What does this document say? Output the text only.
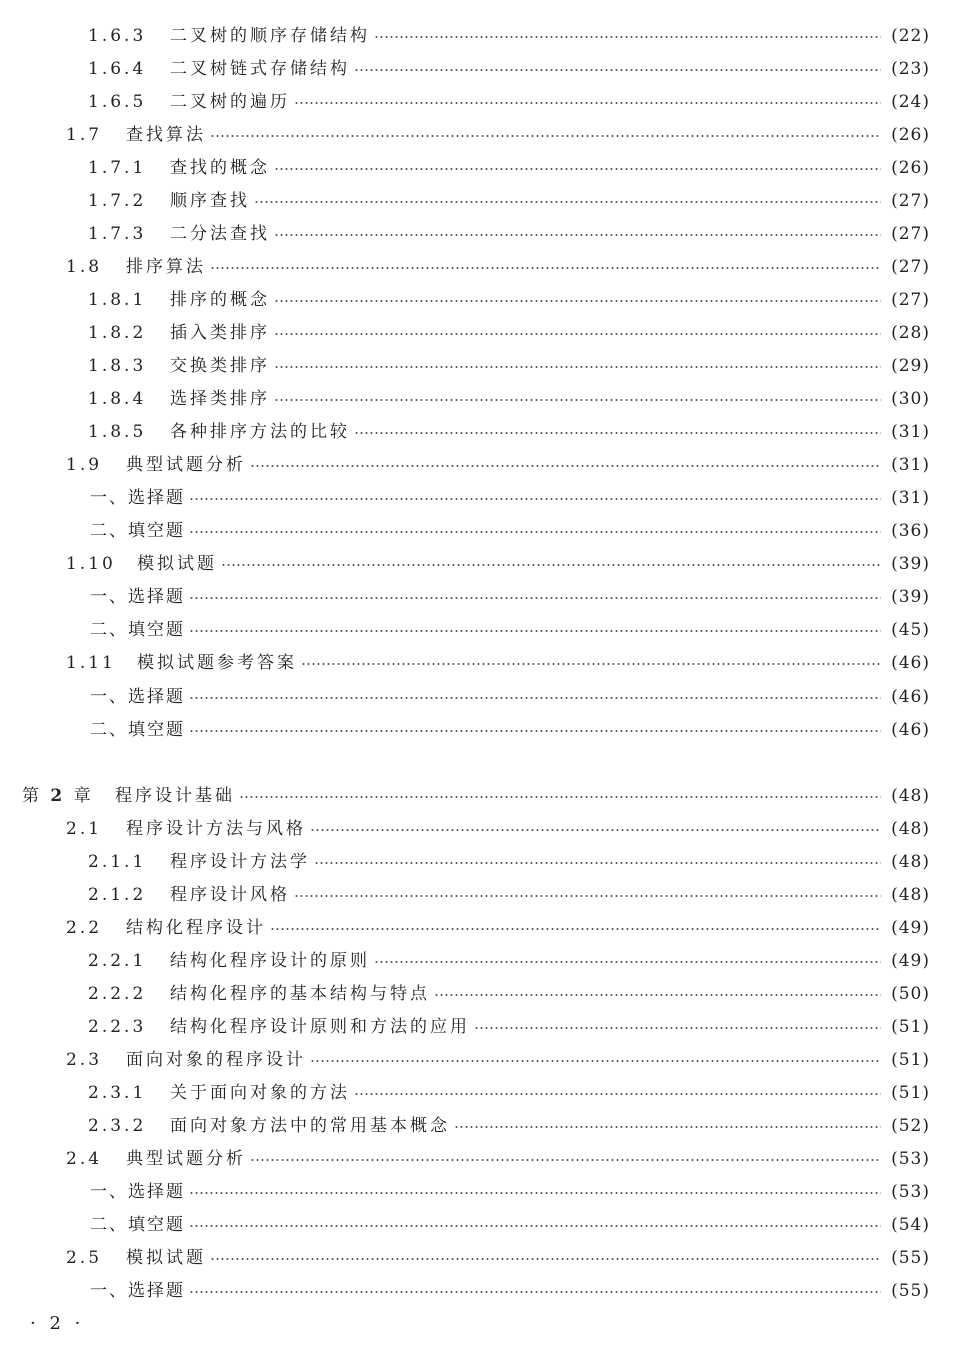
1.6.3 二叉树的顺序存储结构	(22)
1.6.4 二叉树链式存储结构	(23)
1.6.5 二叉树的遍历	(24)
1.7 查找算法	(26)
1.7.1 查找的概念	(26)
1.7.2 顺序查找	(27)
1.7.3 二分法查找	(27)
1.8 排序算法	(27)
1.8.1 排序的概念	(27)
1.8.2 插入类排序	(28)
1.8.3 交换类排序	(29)
1.8.4 选择类排序	(30)
1.8.5 各种排序方法的比较	(31)
1.9 典型试题分析	(31)
一、选择题	(31)
二、填空题	(36)
1.10 模拟试题	(39)
一、选择题	(39)
二、填空题	(45)
1.11 模拟试题参考答案	(46)
一、选择题	(46)
二、填空题	(46)
第 2 章 程序设计基础	(48)
2.1 程序设计方法与风格	(48)
2.1.1 程序设计方法学	(48)
2.1.2 程序设计风格	(48)
2.2 结构化程序设计	(49)
2.2.1 结构化程序设计的原则	(49)
2.2.2 结构化程序的基本结构与特点	(50)
2.2.3 结构化程序设计原则和方法的应用	(51)
2.3 面向对象的程序设计	(51)
2.3.1 关于面向对象的方法	(51)
2.3.2 面向对象方法中的常用基本概念	(52)
2.4 典型试题分析	(53)
一、选择题	(53)
二、填空题	(54)
2.5 模拟试题	(55)
一、选择题	(55)
· 2 ·
